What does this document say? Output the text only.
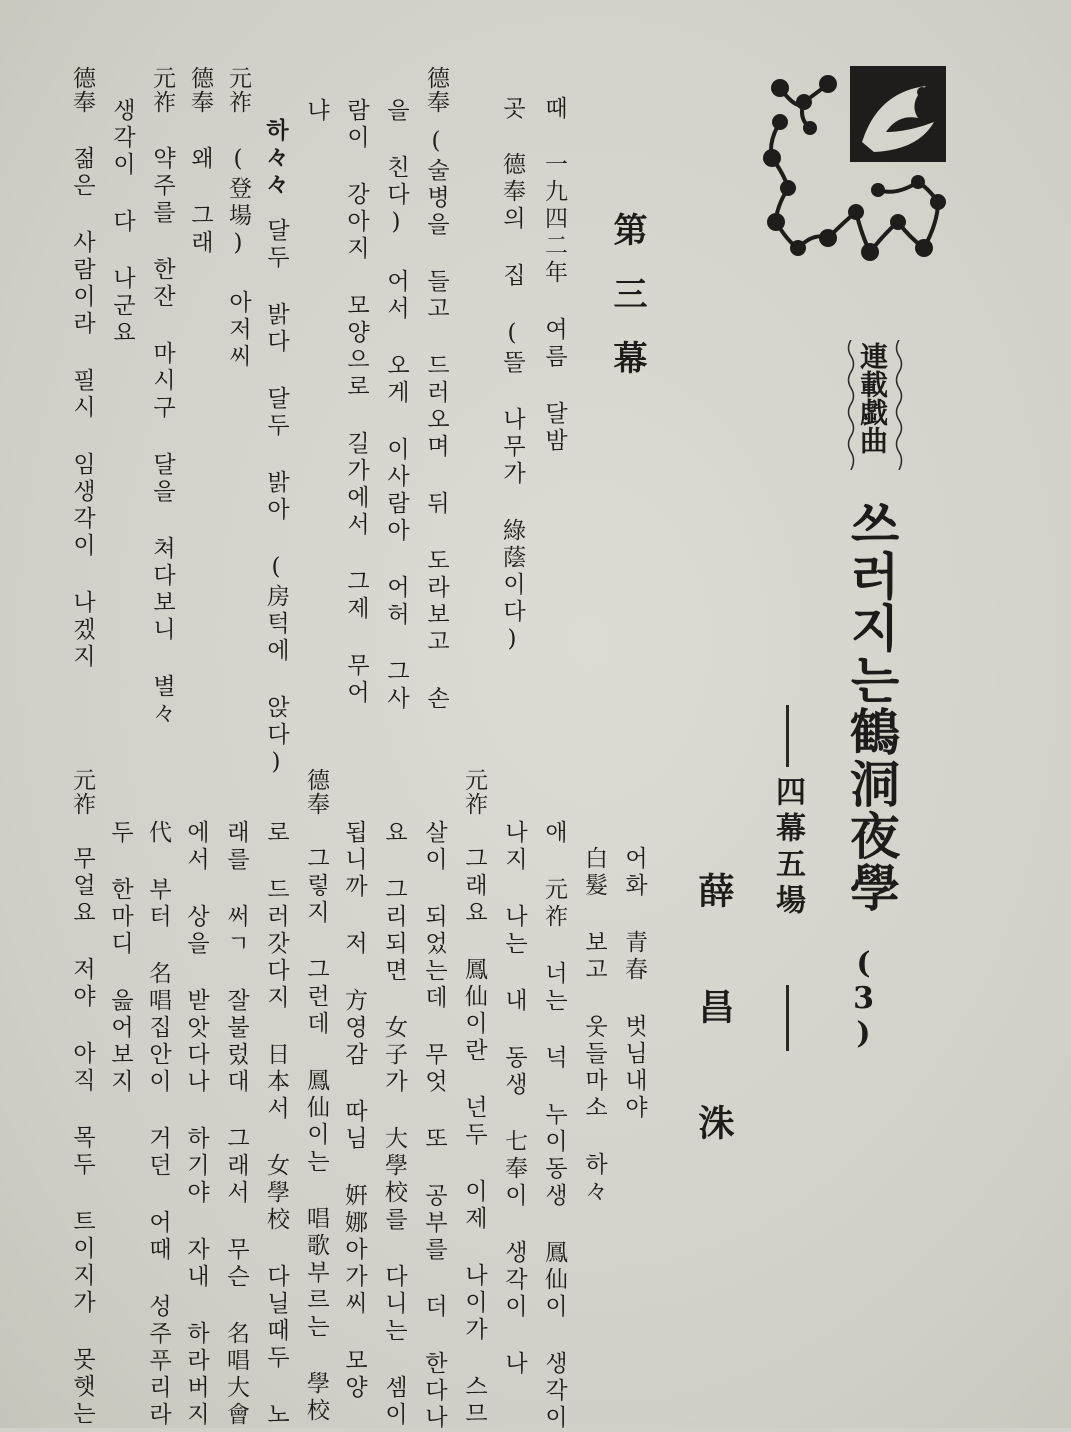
連載戱曲
쓰러지는鶴洞夜學
(3)
四幕五場
薛昌洙
第三幕
때
一九四二年 여름 달밤
곳
德奉의 집 (뜰 나무가 綠蔭이다)
德奉
(술병을 들고 드러오며 뒤 도라보고 손
을 친다) 어서 오게 이사람아 어허 그사
람이 강아지 모양으로 길가에서 그제 무어
냐
하々々
달두 밝다 달두 밝아 (房턱에 앉다)
元祚
(登場) 아저씨
德奉
왜 그래
元祚
약주를 한잔 마시구 달을 쳐다보니 별々
생각이 다 나군요
德奉
젊은 사람이라 필시 임생각이 나겠지
어화 青春 벗님내야
白髮 보고 웃들마소 하々
애 元祚 너는 넉 누이동생 鳳仙이 생각이
나지 나는 내 동생 七奉이 생각이 나
元祚
그래요 鳳仙이란 넌두 이제 나이가 스므
살이 되었는데 무엇 또 공부를 더 한다나
요 그리되면 女子가 大學校를 다니는 셈이
됩니까 저 方영감 따님 姸娜아가씨 모양
德奉
그렇지 그런데 鳳仙이는 唱歌부르는 學校
로 드러갓다지 日本서 女學校 다닐때두 노
래를 써ㄱ 잘불렀대 그래서 무슨 名唱大會
에서 상을 받앗다나 하기야 자내 하라버지
代 부터 名唱집안이 거던 어때 성주푸리라
두 한마디 읊어보지
元祚
무얼요 저야 아직 목두 트이지가 못햇는
